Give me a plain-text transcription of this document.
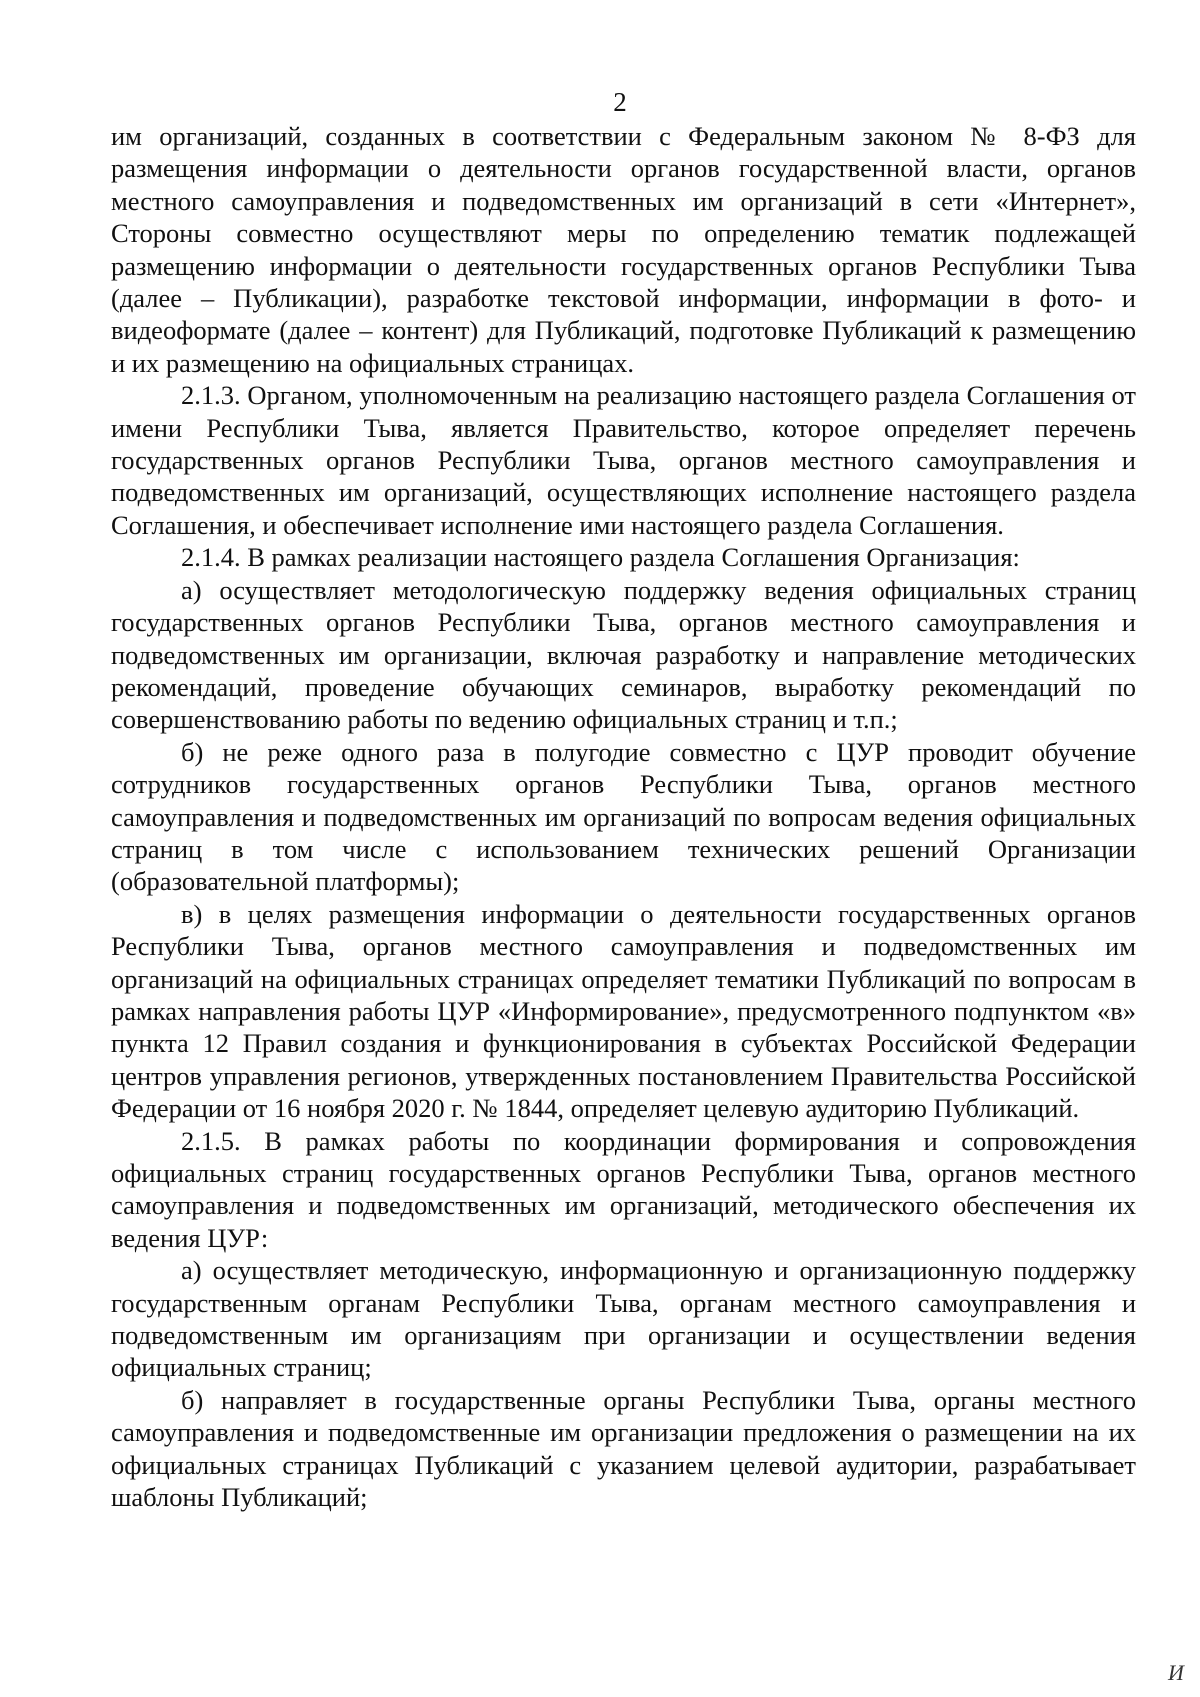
2

им организаций, созданных в соответствии с Федеральным законом № 8-ФЗ для размещения информации о деятельности органов государственной власти, органов местного самоуправления и подведомственных им организаций в сети «Интернет», Стороны совместно осуществляют меры по определению тематик подлежащей размещению информации о деятельности государственных органов Республики Тыва (далее – Публикации), разработке текстовой информации, информации в фото- и видеоформате (далее – контент) для Публикаций, подготовке Публикаций к размещению и их размещению на официальных страницах.

2.1.3. Органом, уполномоченным на реализацию настоящего раздела Соглашения от имени Республики Тыва, является Правительство, которое определяет перечень государственных органов Республики Тыва, органов местного самоуправления и подведомственных им организаций, осуществляющих исполнение настоящего раздела Соглашения, и обеспечивает исполнение ими настоящего раздела Соглашения.

2.1.4. В рамках реализации настоящего раздела Соглашения Организация:

а) осуществляет методологическую поддержку ведения официальных страниц государственных органов Республики Тыва, органов местного самоуправления и подведомственных им организации, включая разработку и направление методических рекомендаций, проведение обучающих семинаров, выработку рекомендаций по совершенствованию работы по ведению официальных страниц и т.п.;

б) не реже одного раза в полугодие совместно с ЦУР проводит обучение сотрудников государственных органов Республики Тыва, органов местного самоуправления и подведомственных им организаций по вопросам ведения официальных страниц в том числе с использованием технических решений Организации (образовательной платформы);

в) в целях размещения информации о деятельности государственных органов Республики Тыва, органов местного самоуправления и подведомственных им организаций на официальных страницах определяет тематики Публикаций по вопросам в рамках направления работы ЦУР «Информирование», предусмотренного подпунктом «в» пункта 12 Правил создания и функционирования в субъектах Российской Федерации центров управления регионов, утвержденных постановлением Правительства Российской Федерации от 16 ноября 2020 г. № 1844, определяет целевую аудиторию Публикаций.

2.1.5. В рамках работы по координации формирования и сопровождения официальных страниц государственных органов Республики Тыва, органов местного самоуправления и подведомственных им организаций, методического обеспечения их ведения ЦУР:

а) осуществляет методическую, информационную и организационную поддержку государственным органам Республики Тыва, органам местного самоуправления и подведомственным им организациям при организации и осуществлении ведения официальных страниц;

б) направляет в государственные органы Республики Тыва, органы местного самоуправления и подведомственные им организации предложения о размещении на их официальных страницах Публикаций с указанием целевой аудитории, разрабатывает шаблоны Публикаций;

И
